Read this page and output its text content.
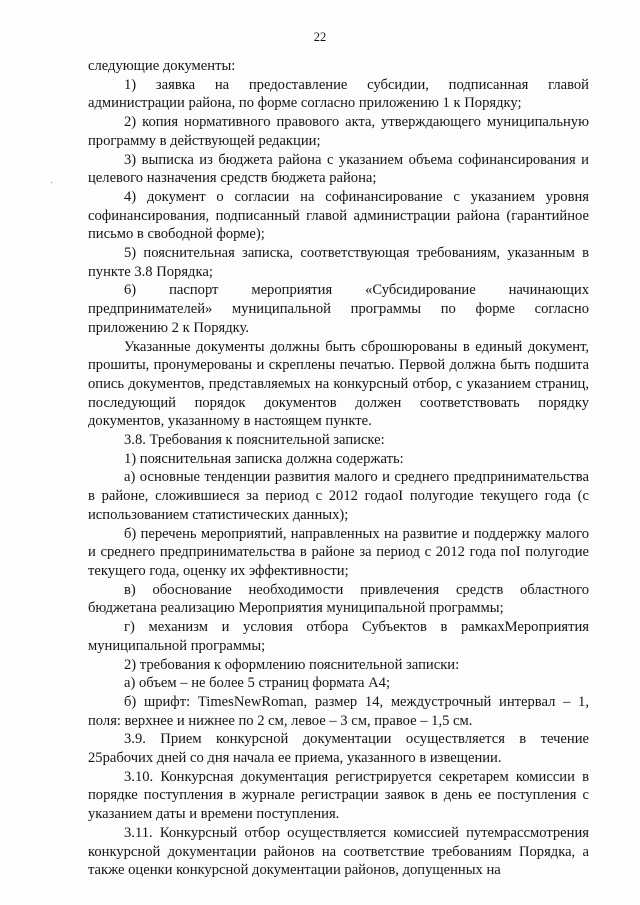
22
·

следующие документы:

1) заявка на предоставление субсидии, подписанная главой администрации района, по форме согласно приложению 1 к Порядку;

2) копия нормативного правового акта, утверждающего муниципальную программу в действующей редакции;

3) выписка из бюджета района с указанием объема софинансирования и целевого назначения средств бюджета района;

4) документ о согласии на софинансирование с указанием уровня софинансирования, подписанный главой администрации района (гарантийное письмо в свободной форме);

5) пояснительная записка, соответствующая требованиям, указанным в пункте 3.8 Порядка;

6) паспорт мероприятия «Субсидирование начинающих предпринимателей» муниципальной программы по форме согласно приложению 2 к Порядку.

Указанные документы должны быть сброшюрованы в единый документ, прошиты, пронумерованы и скреплены печатью. Первой должна быть подшита опись документов, представляемых на конкурсный отбор, с указанием страниц, последующий порядок документов должен соответствовать порядку документов, указанному в настоящем пункте.

3.8. Требования к пояснительной записке:

1) пояснительная записка должна содержать:

а) основные тенденции развития малого и среднего предпринимательства в районе, сложившиеся за период с 2012 годаоI полугодие текущего года (с использованием статистических данных);

б) перечень мероприятий, направленных на развитие и поддержку малого и среднего предпринимательства в районе за период с 2012 года поI полугодие текущего года, оценку их эффективности;

в) обоснование необходимости привлечения средств областного бюджетана реализацию Мероприятия муниципальной программы;

г) механизм и условия отбора Субъектов в рамкахМероприятия муниципальной программы;

2) требования к оформлению пояснительной записки:

а) объем – не более 5 страниц формата А4;

б) шрифт: TimesNewRoman, размер 14, междустрочный интервал – 1, поля: верхнее и нижнее по 2 см, левое – 3 см, правое – 1,5 см.

3.9. Прием конкурсной документации осуществляется в течение 25рабочих дней со дня начала ее приема, указанного в извещении.

3.10. Конкурсная документация регистрируется секретарем комиссии в порядке поступления в журнале регистрации заявок в день ее поступления с указанием даты и времени поступления.

3.11. Конкурсный отбор осуществляется комиссией путемрассмотрения конкурсной документации районов на соответствие требованиям Порядка, а также оценки конкурсной документации районов, допущенных на
